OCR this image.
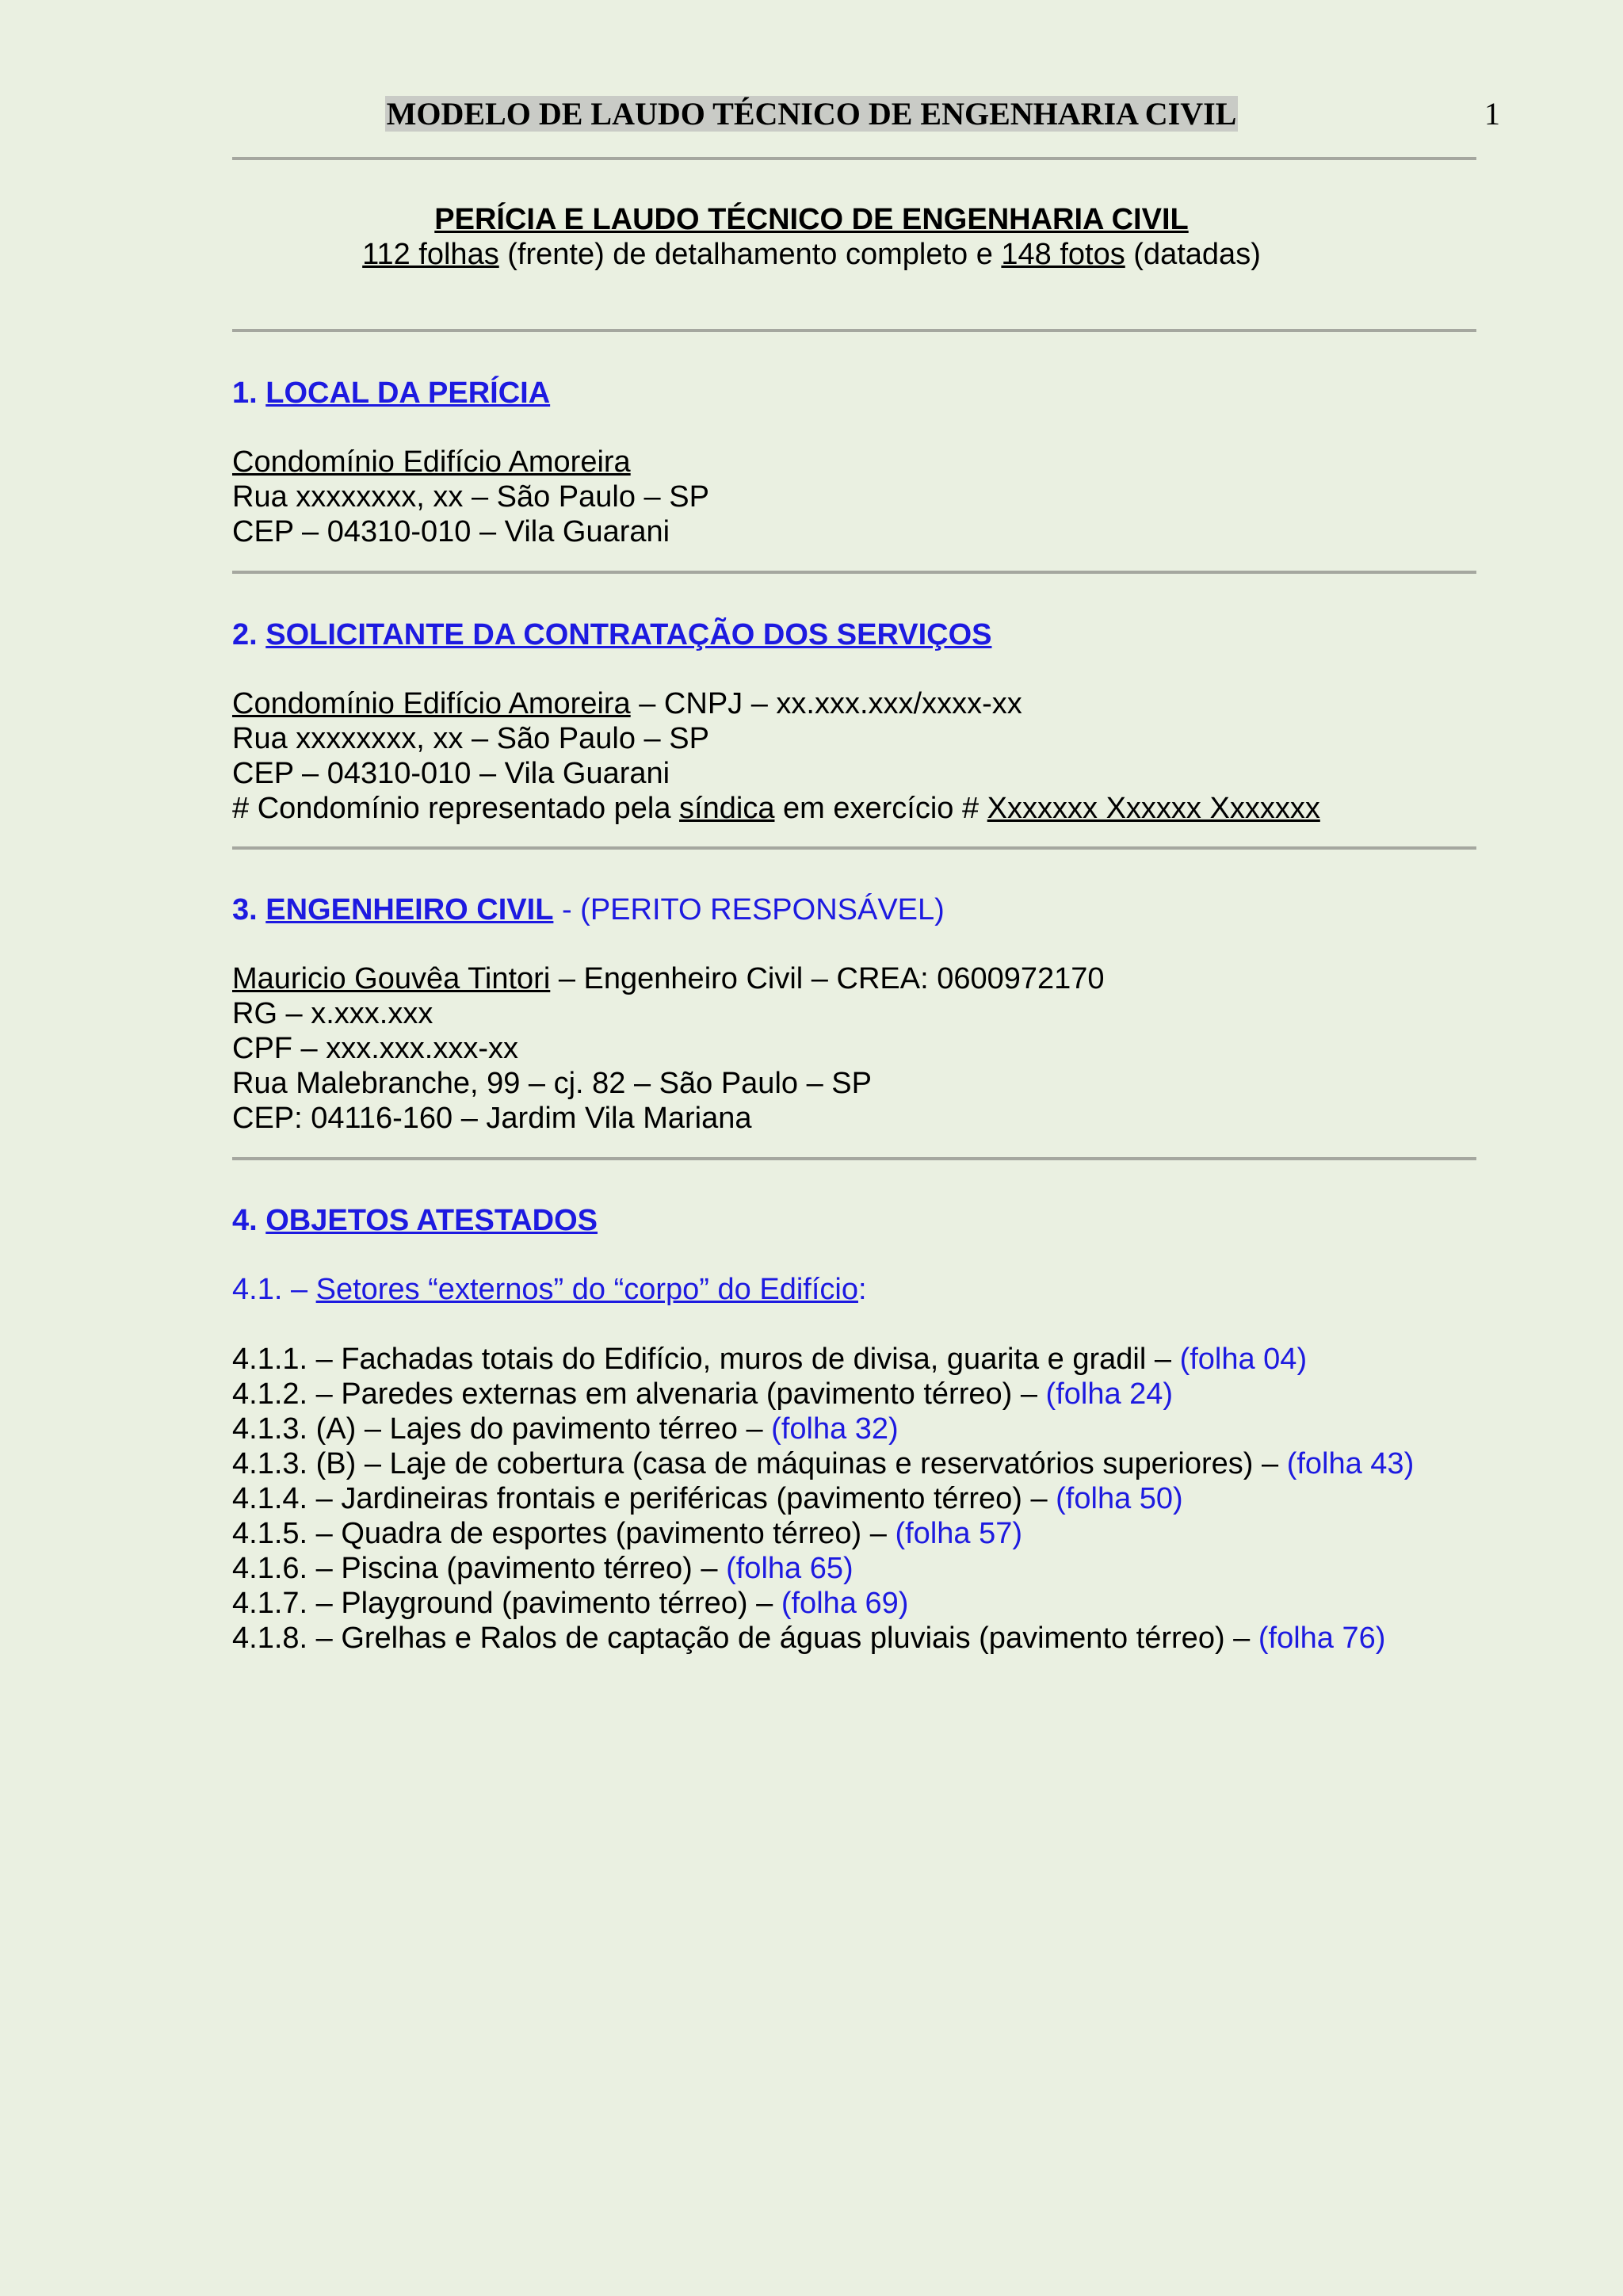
MODELO DE LAUDO TÉCNICO DE ENGENHARIA CIVIL	1
PERÍCIA E LAUDO TÉCNICO DE ENGENHARIA CIVIL
112 folhas (frente) de detalhamento completo e 148 fotos (datadas)
1. LOCAL DA PERÍCIA
Condomínio Edifício Amoreira
Rua xxxxxxxx, xx – São Paulo – SP
CEP – 04310-010 – Vila Guarani
2. SOLICITANTE DA CONTRATAÇÃO DOS SERVIÇOS
Condomínio Edifício Amoreira – CNPJ – xx.xxx.xxx/xxxx-xx
Rua xxxxxxxx, xx – São Paulo – SP
CEP – 04310-010 – Vila Guarani
# Condomínio representado pela síndica em exercício # Xxxxxxx Xxxxxx Xxxxxxx
3. ENGENHEIRO CIVIL - (PERITO RESPONSÁVEL)
Mauricio Gouvêa Tintori – Engenheiro Civil – CREA: 0600972170
RG – x.xxx.xxx
CPF – xxx.xxx.xxx-xx
Rua Malebranche, 99 – cj. 82 – São Paulo – SP
CEP: 04116-160 – Jardim Vila Mariana
4. OBJETOS ATESTADOS
4.1. – Setores “externos” do “corpo” do Edifício:
4.1.1. – Fachadas totais do Edifício, muros de divisa, guarita e gradil – (folha 04)
4.1.2. – Paredes externas em alvenaria (pavimento térreo) – (folha 24)
4.1.3. (A) – Lajes do pavimento térreo – (folha 32)
4.1.3. (B) – Laje de cobertura (casa de máquinas e reservatórios superiores) – (folha 43)
4.1.4. – Jardineiras frontais e periféricas (pavimento térreo) – (folha 50)
4.1.5. – Quadra de esportes (pavimento térreo) – (folha 57)
4.1.6. – Piscina (pavimento térreo) – (folha 65)
4.1.7. – Playground (pavimento térreo) – (folha 69)
4.1.8. – Grelhas e Ralos de captação de águas pluviais (pavimento térreo) – (folha 76)
